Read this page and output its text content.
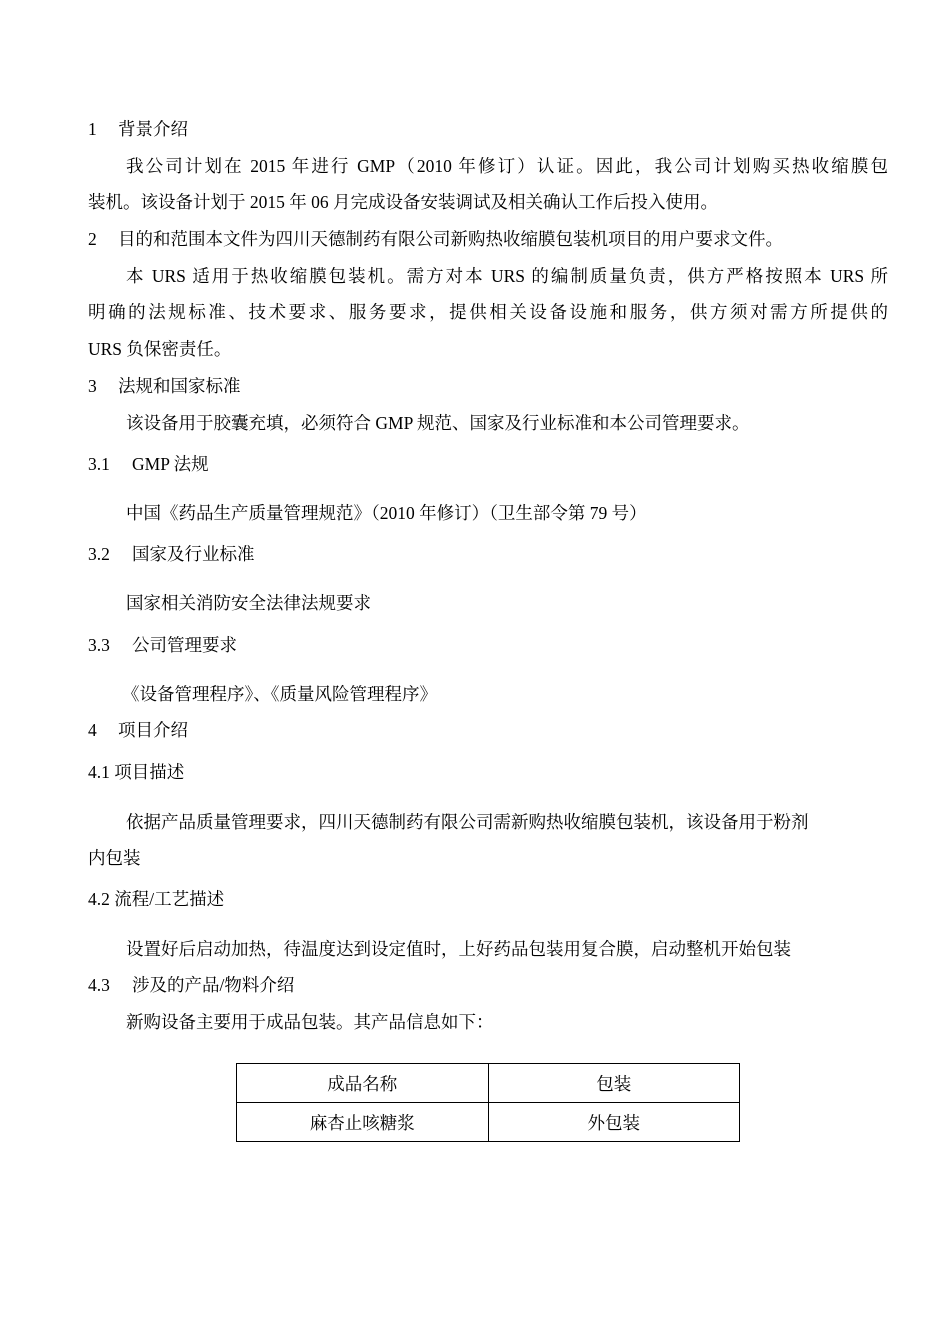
1 背景介绍
我公司计划在 2015 年进行 GMP（2010 年修订）认证。因此，我公司计划购买热收缩膜包
装机。该设备计划于 2015 年 06 月完成设备安装调试及相关确认工作后投入使用。
2 目的和范围本文件为四川天德制药有限公司新购热收缩膜包装机项目的用户要求文件。
本 URS 适用于热收缩膜包装机。需方对本 URS 的编制质量负责，供方严格按照本 URS 所
明确的法规标准、技术要求、服务要求，提供相关设备设施和服务，供方须对需方所提供的
URS 负保密责任。
3 法规和国家标准
该设备用于胶囊充填，必须符合 GMP 规范、国家及行业标准和本公司管理要求。
3.1 GMP 法规
中国《药品生产质量管理规范》（2010 年修订）（卫生部令第 79 号）
3.2 国家及行业标准
国家相关消防安全法律法规要求
3.3 公司管理要求
《设备管理程序》、《质量风险管理程序》
4 项目介绍
4.1 项目描述
依据产品质量管理要求，四川天德制药有限公司需新购热收缩膜包装机，该设备用于粉剂
内包装
4.2 流程/工艺描述
设置好后启动加热，待温度达到设定值时，上好药品包装用复合膜，启动整机开始包装
4.3 涉及的产品/物料介绍
新购设备主要用于成品包装。其产品信息如下：
成品名称	包装
麻杏止咳糖浆	外包装
